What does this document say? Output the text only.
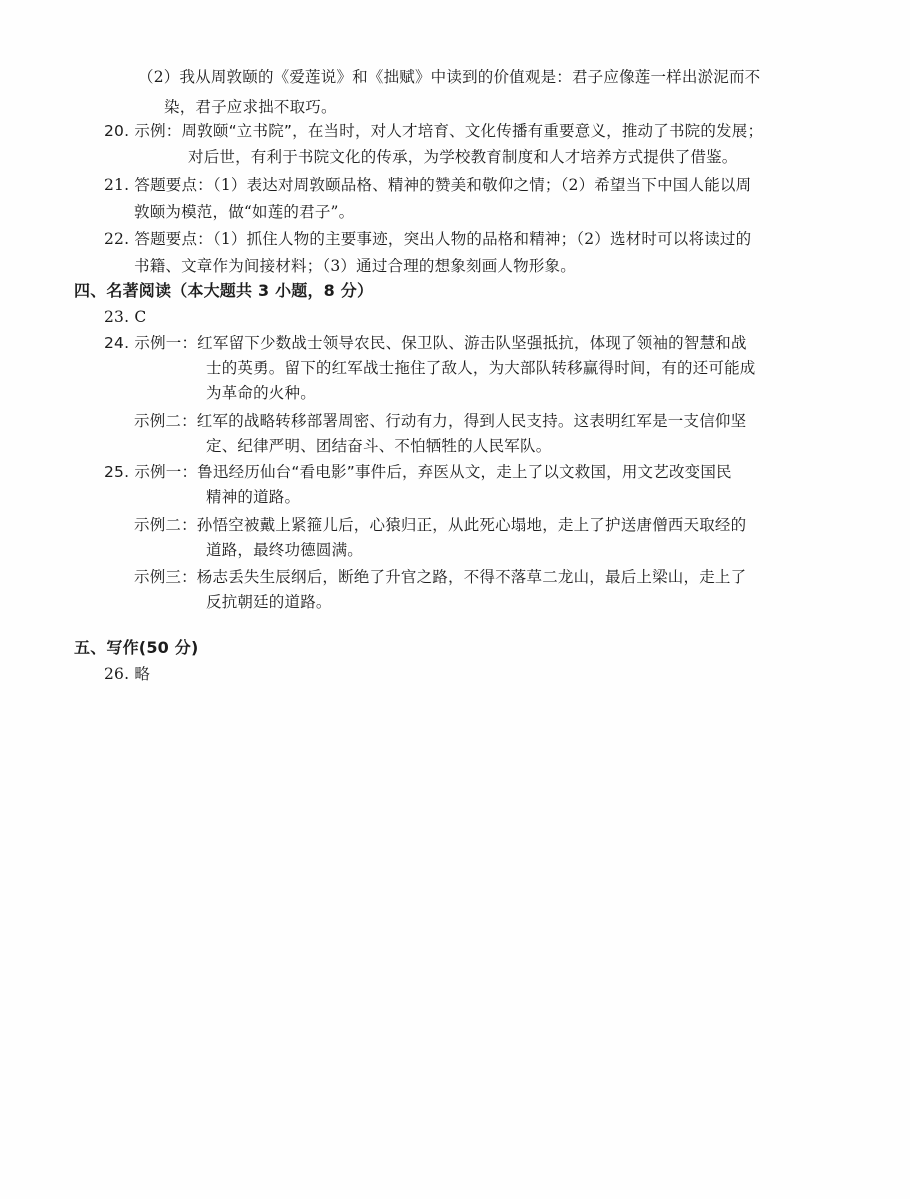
（2）我从周敦颐的《爱莲说》和《拙赋》中读到的价值观是：君子应像莲一样出淤泥而不
染，君子应求拙不取巧。
20. 示例：周敦颐“立书院”，在当时，对人才培育、文化传播有重要意义，推动了书院的发展；
对后世，有利于书院文化的传承，为学校教育制度和人才培养方式提供了借鉴。
21. 答题要点：（1）表达对周敦颐品格、精神的赞美和敬仰之情；（2）希望当下中国人能以周
敦颐为模范，做“如莲的君子”。
22. 答题要点：（1）抓住人物的主要事迹，突出人物的品格和精神；（2）选材时可以将读过的
书籍、文章作为间接材料；（3）通过合理的想象刻画人物形象。
四、名著阅读（本大题共 3 小题，8 分）
23. C
24. 示例一：红军留下少数战士领导农民、保卫队、游击队坚强抵抗，体现了领袖的智慧和战
士的英勇。留下的红军战士拖住了敌人，为大部队转移赢得时间，有的还可能成
为革命的火种。
示例二：红军的战略转移部署周密、行动有力，得到人民支持。这表明红军是一支信仰坚
定、纪律严明、团结奋斗、不怕牺牲的人民军队。
25. 示例一：鲁迅经历仙台“看电影”事件后，弃医从文，走上了以文救国，用文艺改变国民
精神的道路。
示例二：孙悟空被戴上紧箍儿后，心猿归正，从此死心塌地，走上了护送唐僧西天取经的
道路，最终功德圆满。
示例三：杨志丢失生辰纲后，断绝了升官之路，不得不落草二龙山，最后上梁山，走上了
反抗朝廷的道路。
五、写作(50 分)
26. 略
